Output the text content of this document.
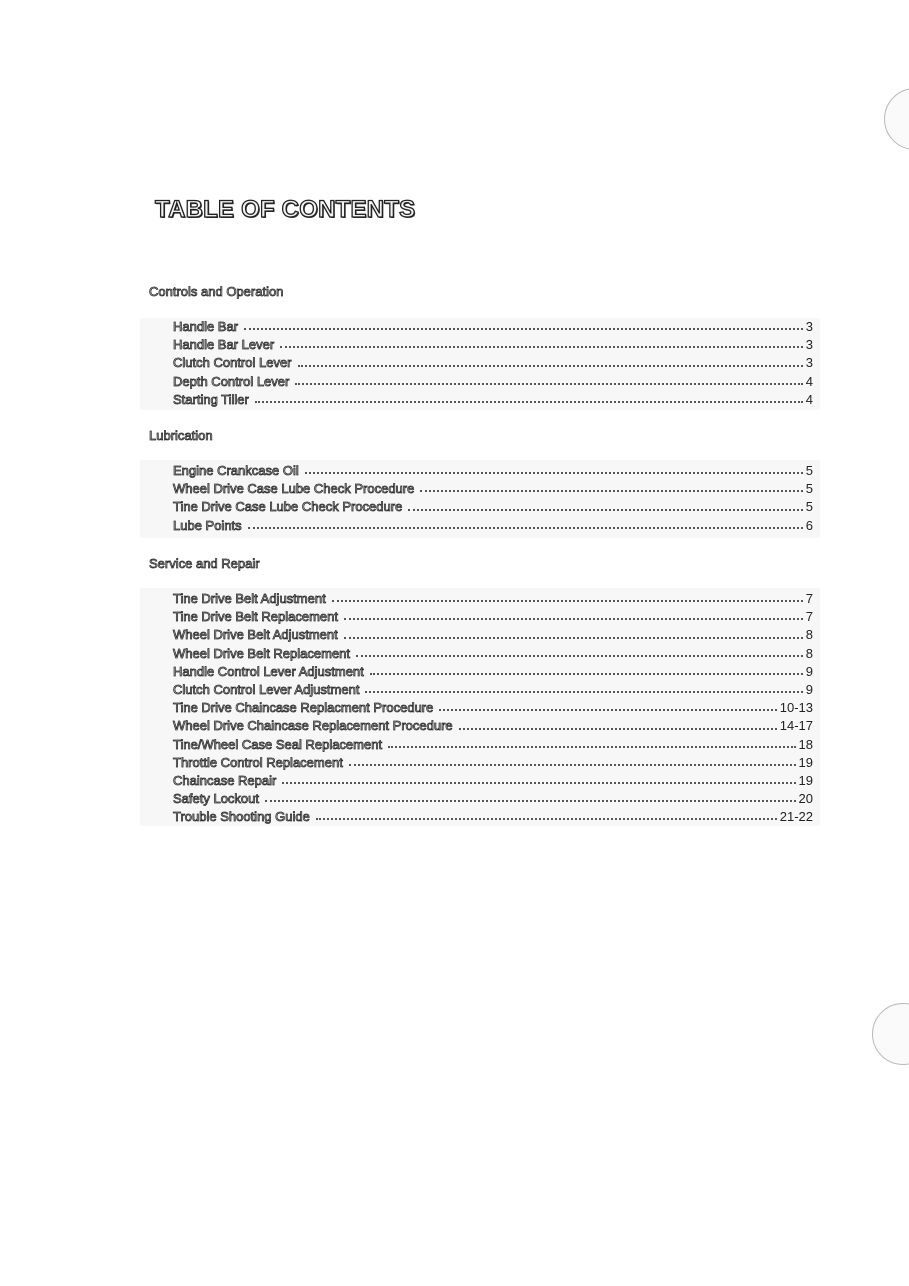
TABLE OF CONTENTS
Controls and Operation
Handle Bar	3
Handle Bar Lever	3
Clutch Control Lever	3
Depth Control Lever	4
Starting Tiller	4
Lubrication
Engine Crankcase Oil	5
Wheel Drive Case Lube Check Procedure	5
Tine Drive Case Lube Check Procedure	5
Lube Points	6
Service and Repair
Tine Drive Belt Adjustment	7
Tine Drive Belt Replacement	7
Wheel Drive Belt Adjustment	8
Wheel Drive Belt Replacement	8
Handle Control Lever Adjustment	9
Clutch Control Lever Adjustment	9
Tine Drive Chaincase Replacment Procedure	10-13
Wheel Drive Chaincase Replacement Procedure	14-17
Tine/Wheel Case Seal Replacement	18
Throttle Control Replacement	19
Chaincase Repair	19
Safety Lockout	20
Trouble Shooting Guide	21-22
